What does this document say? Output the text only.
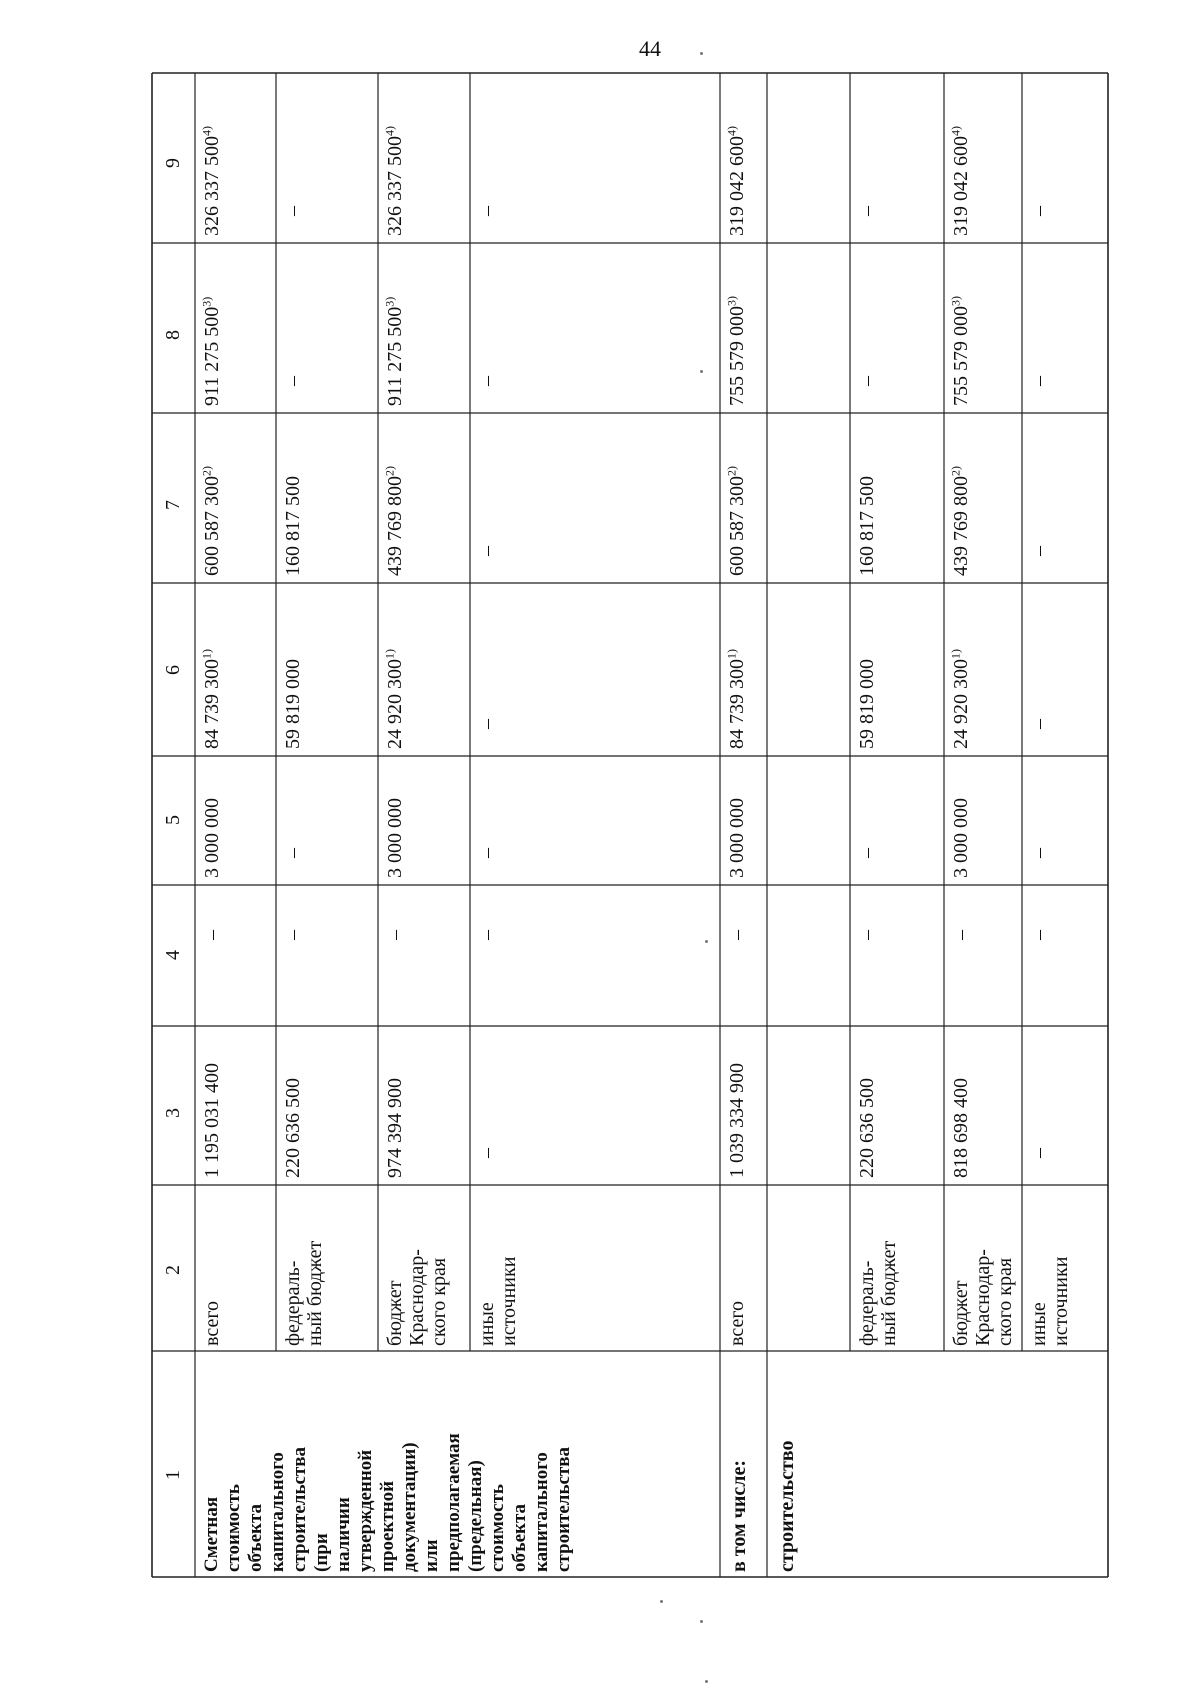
44
1
2
3
4
5
6
7
8
9
всего
1 195 031 400
–
3 000 000
84 739 300$^{1)}$
600 587 300$^{2)}$
911 275 500$^{3)}$
326 337 500$^{4)}$
федераль-
ный бюджет
220 636 500
–
–
59 819 000
160 817 500
–
–
бюджет
Краснодар-
ского края
974 394 900
–
3 000 000
24 920 300$^{1)}$
439 769 800$^{2)}$
911 275 500$^{3)}$
326 337 500$^{4)}$
иные
источники
–
–
–
–
–
–
–
всего
1 039 334 900
–
3 000 000
84 739 300$^{1)}$
600 587 300$^{2)}$
755 579 000$^{3)}$
319 042 600$^{4)}$
федераль-
ный бюджет
220 636 500
–
–
59 819 000
160 817 500
–
–
бюджет
Краснодар-
ского края
818 698 400
–
3 000 000
24 920 300$^{1)}$
439 769 800$^{2)}$
755 579 000$^{3)}$
319 042 600$^{4)}$
иные
источники
–
–
–
–
–
–
–
Сметная
стоимость
объекта
капитального
строительства
(при
наличии
утвержденной
проектной
документации)
или
предполагаемая
(предельная)
стоимость
объекта
капитального
строительства	в том числе: строительство
